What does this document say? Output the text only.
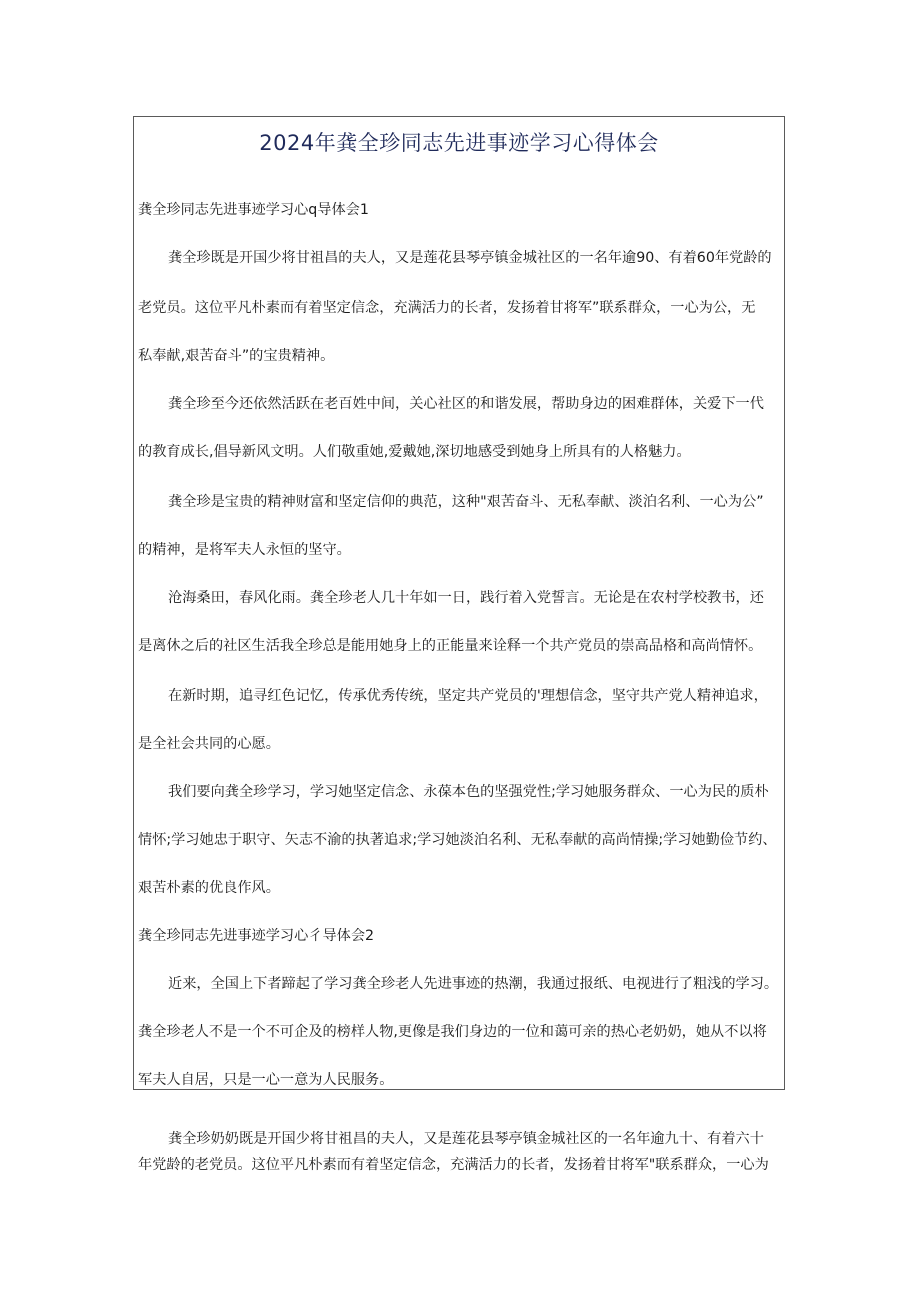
2024年龚全珍同志先进事迹学习心得体会
龚全珍同志先进事迹学习心q导体会1
龚全珍既是开国少将甘祖昌的夫人，又是莲花县琴亭镇金城社区的一名年逾90、有着60年党龄的
老党员。这位平凡朴素而有着坚定信念，充满活力的长者，发扬着甘将军”联系群众，一心为公，无
私奉献,艰苦奋斗”的宝贵精神。
龚全珍至今还依然活跃在老百姓中间，关心社区的和谐发展，帮助身边的困难群体，关爱下一代
的教育成长,倡导新风文明。人们敬重她,爱戴她,深切地感受到她身上所具有的人格魅力。
龚全珍是宝贵的精神财富和坚定信仰的典范，这种"艰苦奋斗、无私奉献、淡泊名利、一心为公”
的精神，是将军夫人永恒的坚守。
沧海桑田，春风化雨。龚全珍老人几十年如一日，践行着入党誓言。无论是在农村学校教书，还
是离休之后的社区生活我全珍总是能用她身上的正能量来诠释一个共产党员的崇高品格和高尚情怀。
在新时期，追寻红色记忆，传承优秀传统，坚定共产党员的'理想信念，坚守共产党人精神追求，
是全社会共同的心愿。
我们要向龚全珍学习，学习她坚定信念、永葆本色的坚强党性;学习她服务群众、一心为民的质朴
情怀;学习她忠于职守、矢志不渝的执著追求;学习她淡泊名利、无私奉献的高尚情操;学习她勤俭节约、
艰苦朴素的优良作风。
龚全珍同志先进事迹学习心彳导体会2
近来，全国上下者蹄起了学习龚全珍老人先进事迹的热潮，我通过报纸、电视进行了粗浅的学习。
龚全珍老人不是一个不可企及的榜样人物,更像是我们身边的一位和蔼可亲的热心老奶奶，她从不以将
军夫人自居，只是一心一意为人民服务。
龚全珍奶奶既是开国少将甘祖昌的夫人，又是莲花县琴亭镇金城社区的一名年逾九十、有着六十
年党龄的老党员。这位平凡朴素而有着坚定信念，充满活力的长者，发扬着甘将军"联系群众，一心为
